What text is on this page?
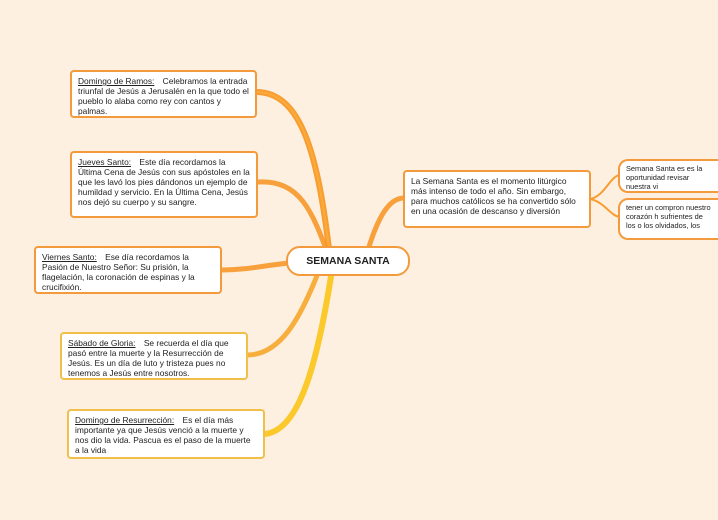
SEMANA SANTA
Domingo de Ramos: Celebramos la entrada triunfal de Jesús a Jerusalén en la que todo el pueblo lo alaba como rey con cantos y palmas.
Jueves Santo: Este día recordamos la Última Cena de Jesús con sus apóstoles en la que les lavó los pies dándonos un ejemplo de humildad y servicio. En la Última Cena, Jesús nos dejó su cuerpo y su sangre.
Viernes Santo: Ese día recordamos la Pasión de Nuestro Señor: Su prisión, la flagelación, la coronación de espinas y la crucifixión.
Sábado de Gloria: Se recuerda el día que pasó entre la muerte y la Resurrección de Jesús. Es un día de luto y tristeza pues no tenemos a Jesús entre nosotros.
Domingo de Resurrección: Es el día más importante ya que Jesús venció a la muerte y nos dio la vida. Pascua es el paso de la muerte a la vida
La Semana Santa es el momento litúrgico más intenso de todo el año. Sin embargo, para muchos católicos se ha convertido sólo en una ocasión de descanso y diversión
Semana Santa es es la oportunidad revisar nuestra vi
tener un compron nuestro corazón h sufrientes de los o los olvidados, los
